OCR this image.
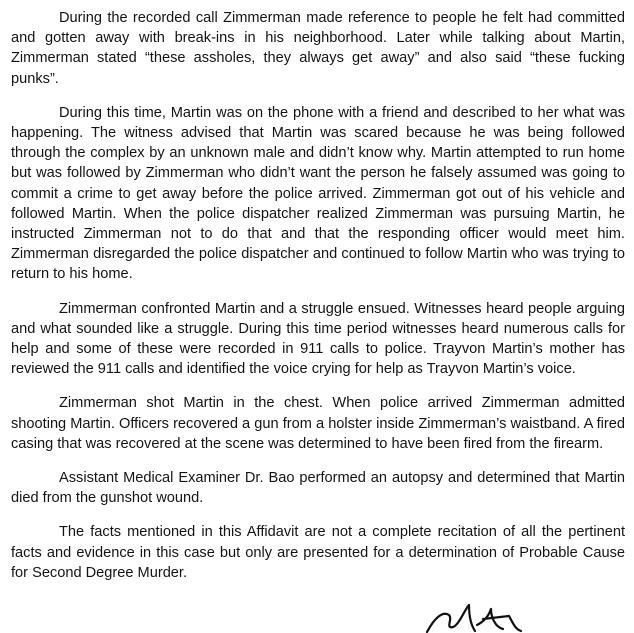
During the recorded call Zimmerman made reference to people he felt had committed and gotten away with break-ins in his neighborhood. Later while talking about Martin, Zimmerman stated “these assholes, they always get away” and also said “these fucking punks”.

During this time, Martin was on the phone with a friend and described to her what was happening. The witness advised that Martin was scared because he was being followed through the complex by an unknown male and didn’t know why. Martin attempted to run home but was followed by Zimmerman who didn’t want the person he falsely assumed was going to commit a crime to get away before the police arrived. Zimmerman got out of his vehicle and followed Martin. When the police dispatcher realized Zimmerman was pursuing Martin, he instructed Zimmerman not to do that and that the responding officer would meet him. Zimmerman disregarded the police dispatcher and continued to follow Martin who was trying to return to his home.

Zimmerman confronted Martin and a struggle ensued. Witnesses heard people arguing and what sounded like a struggle. During this time period witnesses heard numerous calls for help and some of these were recorded in 911 calls to police. Trayvon Martin’s mother has reviewed the 911 calls and identified the voice crying for help as Trayvon Martin’s voice.

Zimmerman shot Martin in the chest. When police arrived Zimmerman admitted shooting Martin. Officers recovered a gun from a holster inside Zimmerman’s waistband. A fired casing that was recovered at the scene was determined to have been fired from the firearm.

Assistant Medical Examiner Dr. Bao performed an autopsy and determined that Martin died from the gunshot wound.

The facts mentioned in this Affidavit are not a complete recitation of all the pertinent facts and evidence in this case but only are presented for a determination of Probable Cause for Second Degree Murder.
